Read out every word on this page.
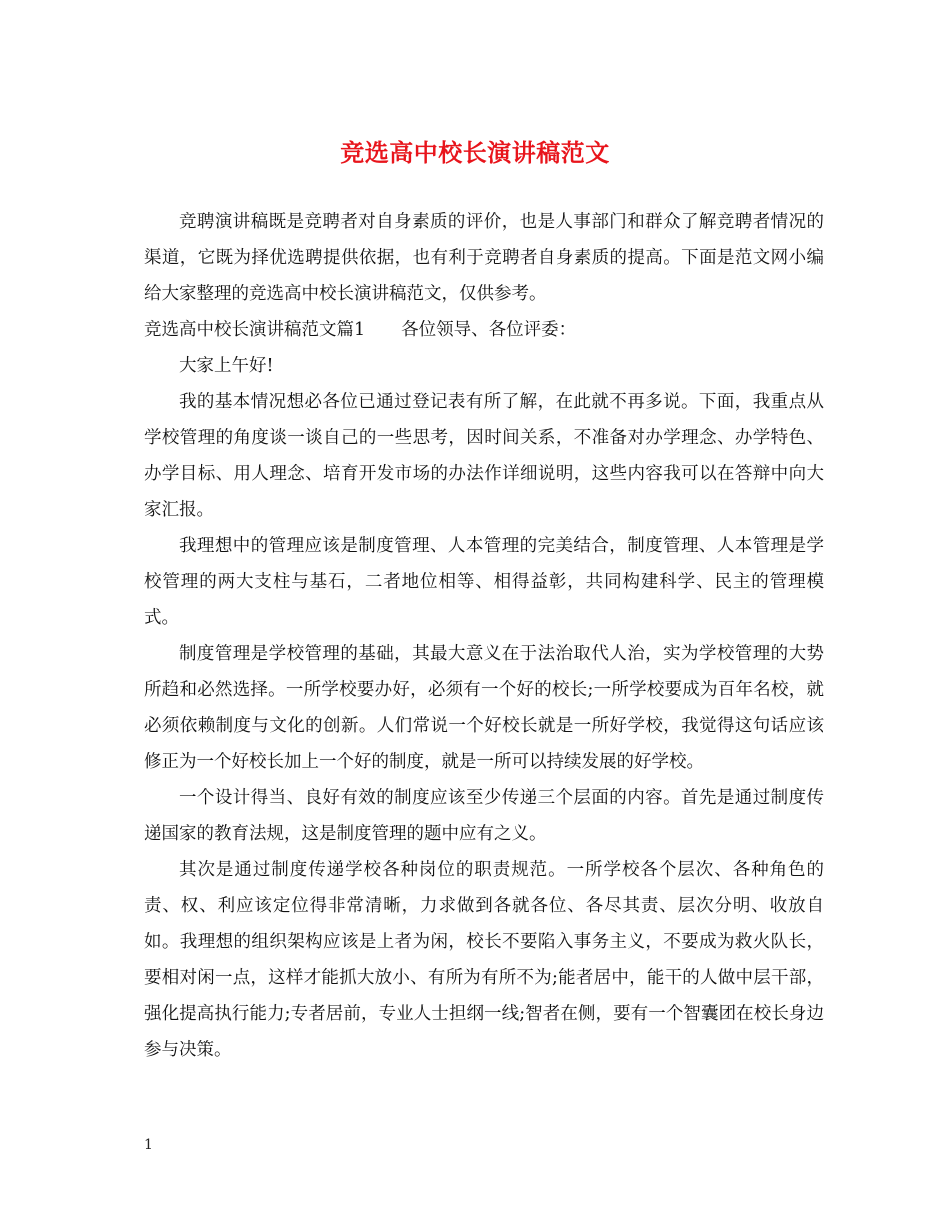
竞选高中校长演讲稿范文

竞聘演讲稿既是竞聘者对自身素质的评价，也是人事部门和群众了解竞聘者情况的渠道，它既为择优选聘提供依据，也有利于竞聘者自身素质的提高。下面是范文网小编给大家整理的竞选高中校长演讲稿范文，仅供参考。

竞选高中校长演讲稿范文篇1 各位领导、各位评委：

大家上午好!

我的基本情况想必各位已通过登记表有所了解，在此就不再多说。下面，我重点从学校管理的角度谈一谈自己的一些思考，因时间关系，不准备对办学理念、办学特色、办学目标、用人理念、培育开发市场的办法作详细说明，这些内容我可以在答辩中向大家汇报。

我理想中的管理应该是制度管理、人本管理的完美结合，制度管理、人本管理是学校管理的两大支柱与基石，二者地位相等、相得益彰，共同构建科学、民主的管理模式。

制度管理是学校管理的基础，其最大意义在于法治取代人治，实为学校管理的大势所趋和必然选择。一所学校要办好，必须有一个好的校长;一所学校要成为百年名校，就必须依赖制度与文化的创新。人们常说一个好校长就是一所好学校，我觉得这句话应该修正为一个好校长加上一个好的制度，就是一所可以持续发展的好学校。

一个设计得当、良好有效的制度应该至少传递三个层面的内容。首先是通过制度传递国家的教育法规，这是制度管理的题中应有之义。

其次是通过制度传递学校各种岗位的职责规范。一所学校各个层次、各种角色的责、权、利应该定位得非常清晰，力求做到各就各位、各尽其责、层次分明、收放自如。我理想的组织架构应该是上者为闲，校长不要陷入事务主义，不要成为救火队长，要相对闲一点，这样才能抓大放小、有所为有所不为;能者居中，能干的人做中层干部，强化提高执行能力;专者居前，专业人士担纲一线;智者在侧，要有一个智囊团在校长身边参与决策。

1
